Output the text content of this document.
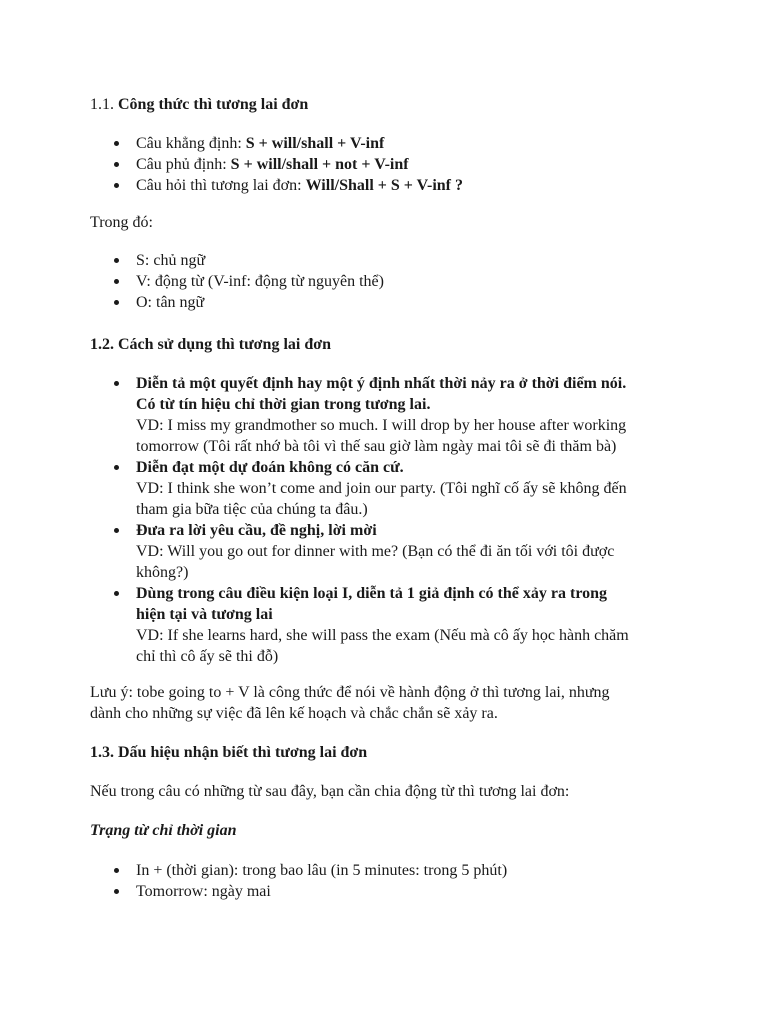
1.1. Công thức thì tương lai đơn

Câu khẳng định: S + will/shall + V-inf
Câu phủ định: S + will/shall + not + V-inf
Câu hỏi thì tương lai đơn: Will/Shall + S + V-inf ?

Trong đó:

S: chủ ngữ
V: động từ (V-inf: động từ nguyên thể)
O: tân ngữ

1.2. Cách sử dụng thì tương lai đơn

Diễn tả một quyết định hay một ý định nhất thời nảy ra ở thời điểm nói.
Có từ tín hiệu chỉ thời gian trong tương lai.
VD: I miss my grandmother so much. I will drop by her house after working
tomorrow (Tôi rất nhớ bà tôi vì thế sau giờ làm ngày mai tôi sẽ đi thăm bà)
Diễn đạt một dự đoán không có căn cứ.
VD: I think she won’t come and join our party. (Tôi nghĩ cố ấy sẽ không đến
tham gia bữa tiệc của chúng ta đâu.)
Đưa ra lời yêu cầu, đề nghị, lời mời
VD: Will you go out for dinner with me? (Bạn có thể đi ăn tối với tôi được
không?)
Dùng trong câu điều kiện loại I, diễn tả 1 giả định có thể xảy ra trong
hiện tại và tương lai
VD: If she learns hard, she will pass the exam (Nếu mà cô ấy học hành chăm
chỉ thì cô ấy sẽ thi đỗ)

Lưu ý: tobe going to + V là công thức để nói về hành động ở thì tương lai, nhưng
dành cho những sự việc đã lên kế hoạch và chắc chắn sẽ xảy ra.

1.3. Dấu hiệu nhận biết thì tương lai đơn

Nếu trong câu có những từ sau đây, bạn cần chia động từ thì tương lai đơn:

Trạng từ chỉ thời gian

In + (thời gian): trong bao lâu (in 5 minutes: trong 5 phút)
Tomorrow: ngày mai
